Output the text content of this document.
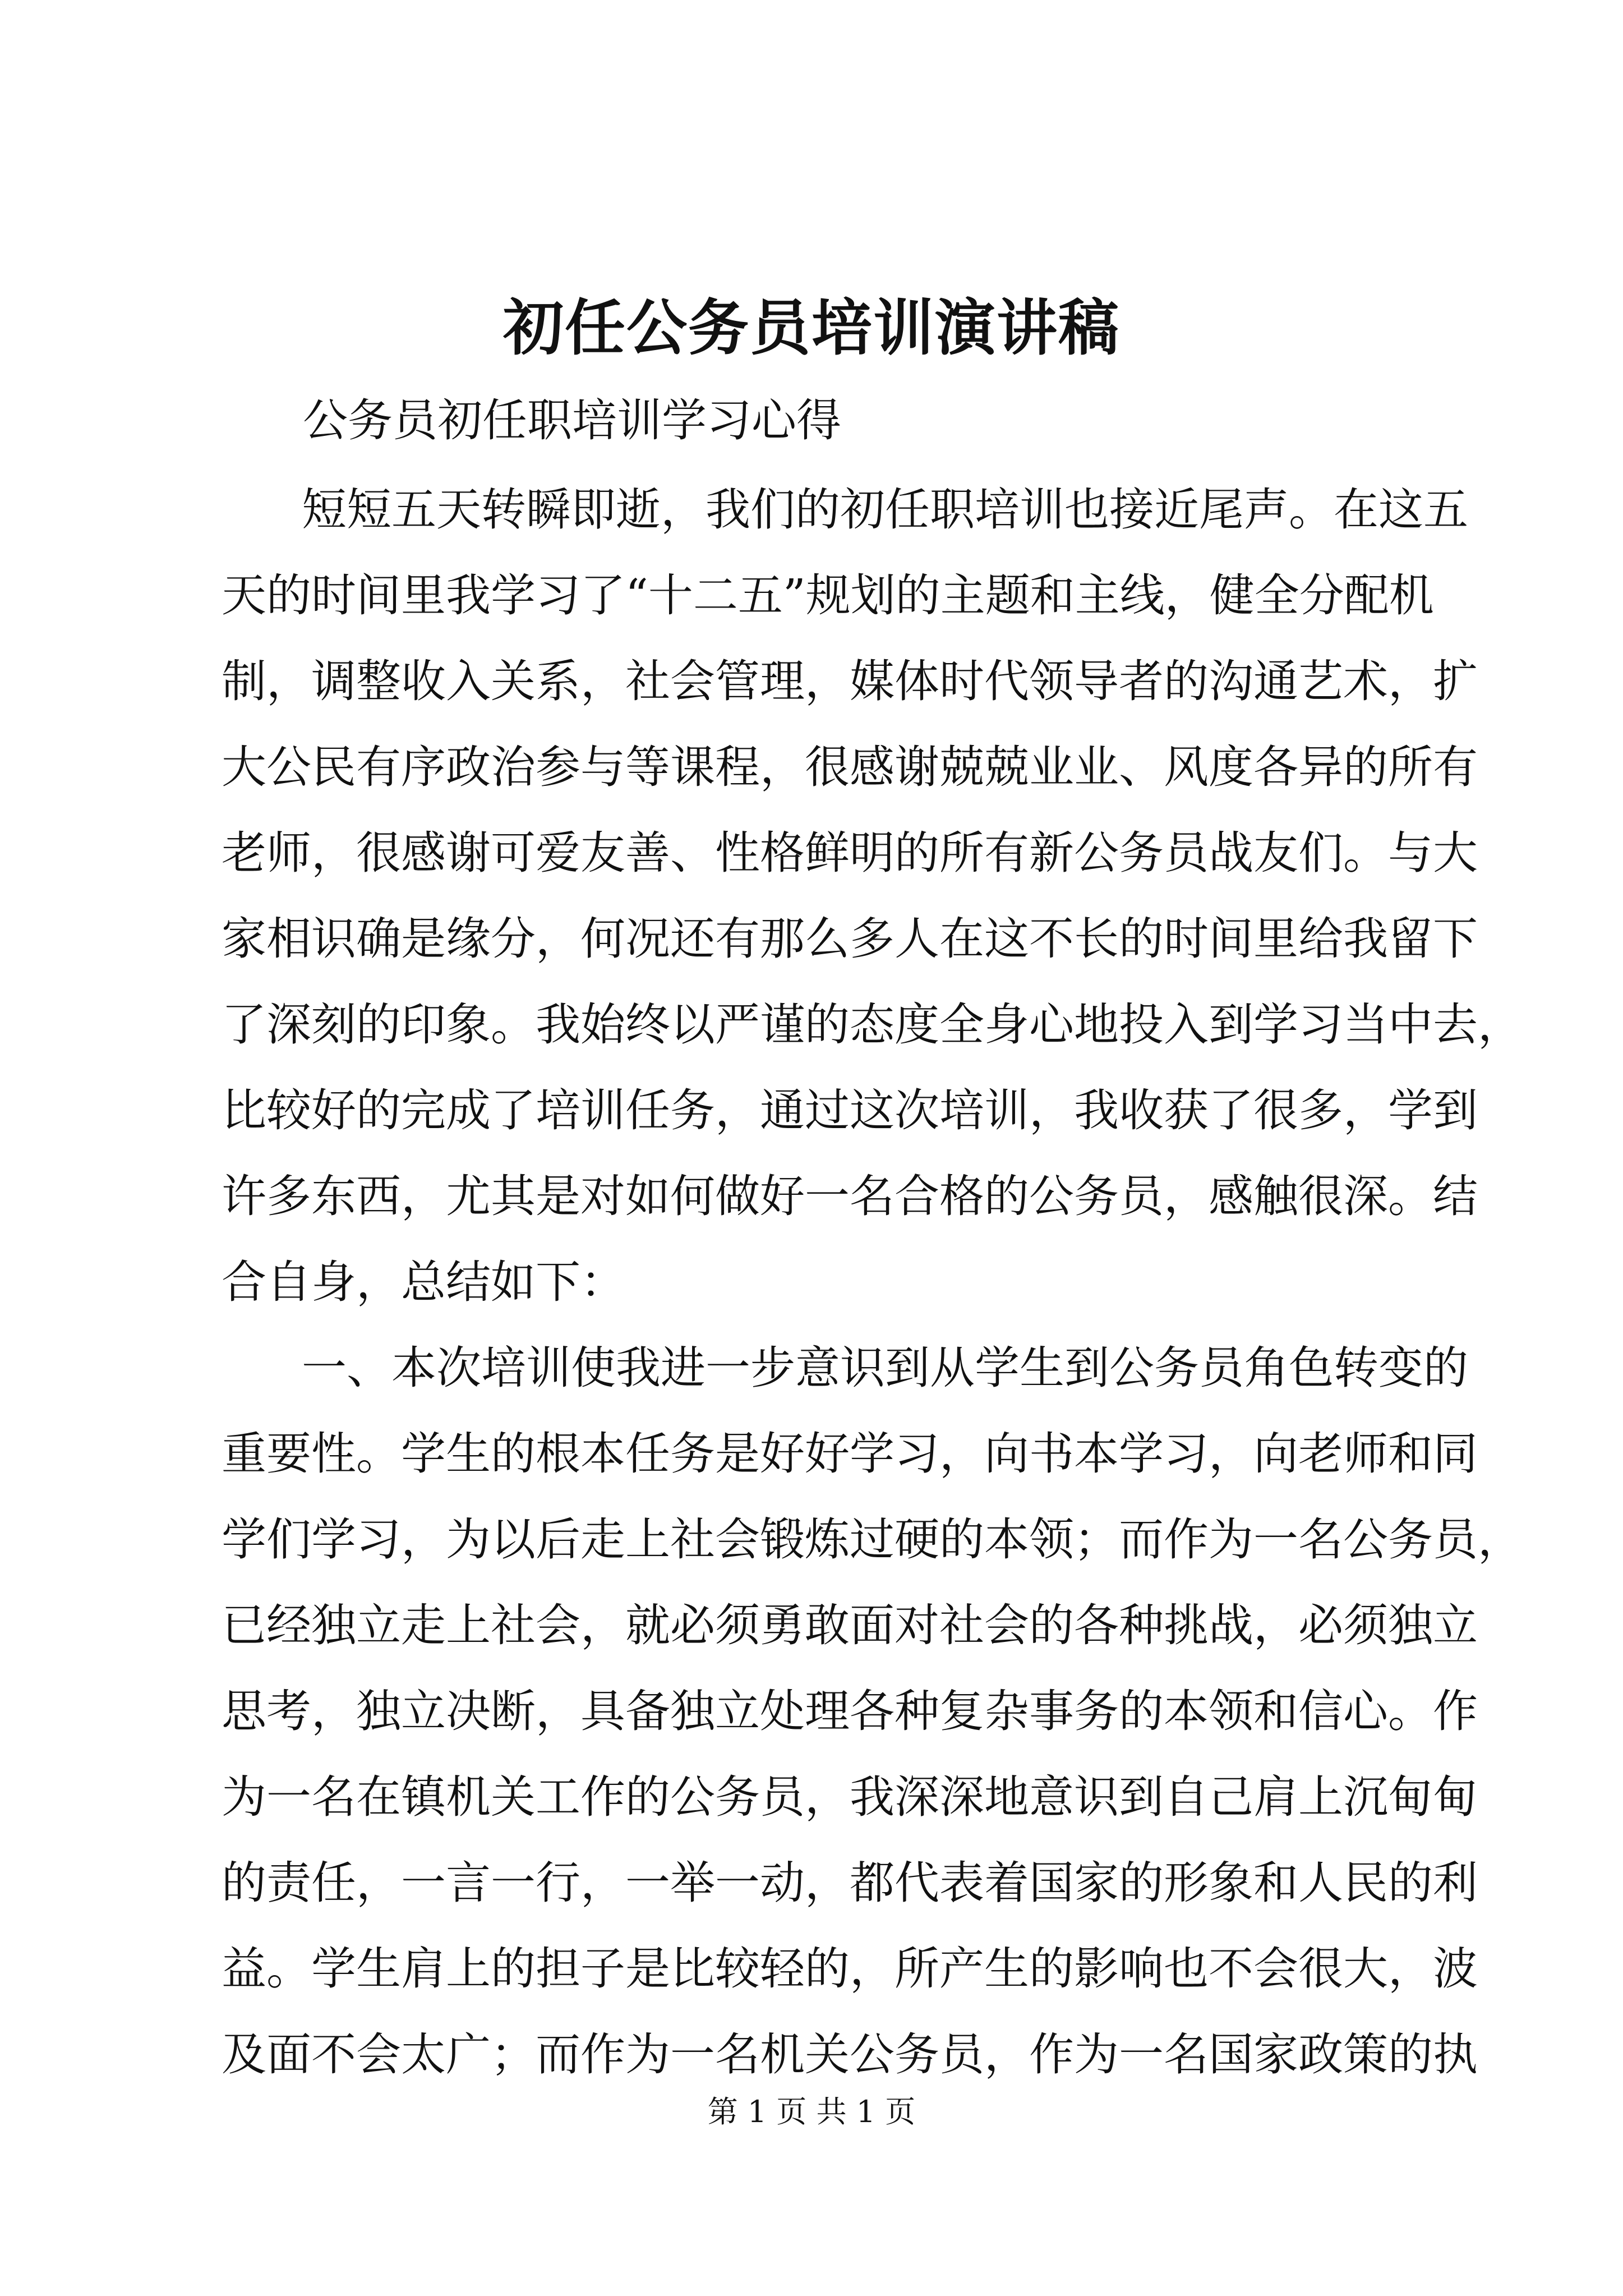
初任公务员培训演讲稿
公务员初任职培训学习心得
短短五天转瞬即逝，我们的初任职培训也接近尾声。在这五
天的时间里我学习了“十二五”规划的主题和主线，健全分配机
制，调整收入关系，社会管理，媒体时代领导者的沟通艺术，扩
大公民有序政治参与等课程，很感谢兢兢业业、风度各异的所有
老师，很感谢可爱友善、性格鲜明的所有新公务员战友们。与大
家相识确是缘分，何况还有那么多人在这不长的时间里给我留下
了深刻的印象。我始终以严谨的态度全身心地投入到学习当中去，
比较好的完成了培训任务，通过这次培训，我收获了很多，学到
许多东西，尤其是对如何做好一名合格的公务员，感触很深。结
合自身，总结如下：
一、本次培训使我进一步意识到从学生到公务员角色转变的
重要性。学生的根本任务是好好学习，向书本学习，向老师和同
学们学习，为以后走上社会锻炼过硬的本领；而作为一名公务员，
已经独立走上社会，就必须勇敢面对社会的各种挑战，必须独立
思考，独立决断，具备独立处理各种复杂事务的本领和信心。作
为一名在镇机关工作的公务员，我深深地意识到自己肩上沉甸甸
的责任，一言一行，一举一动，都代表着国家的形象和人民的利
益。学生肩上的担子是比较轻的，所产生的影响也不会很大，波
及面不会太广；而作为一名机关公务员，作为一名国家政策的执
第 1 页 共 1 页
